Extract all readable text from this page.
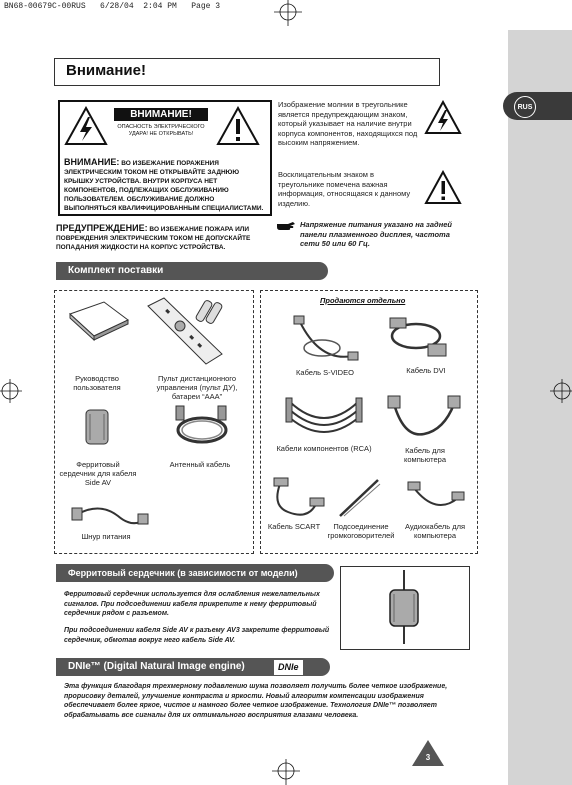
BN68-00679C-00RUS   6/28/04  2:04 PM   Page 3
RUS
Внимание!
ВНИМАНИЕ!
ОПАСНОСТЬ ЭЛЕКТРИЧЕСКОГО УДАРА! НЕ ОТКРЫВАТЬ!
ВНИМАНИЕ: ВО ИЗБЕЖАНИЕ ПОРАЖЕНИЯ ЭЛЕКТРИЧЕСКИМ ТОКОМ НЕ ОТКРЫВАЙТЕ ЗАДНЮЮ КРЫШКУ УСТРОЙСТВА. ВНУТРИ КОРПУСА НЕТ КОМПОНЕНТОВ, ПОДЛЕЖАЩИХ ОБСЛУЖИВАНИЮ ПОЛЬЗОВАТЕЛЕМ. ОБСЛУЖИВАНИЕ ДОЛЖНО ВЫПОЛНЯТЬСЯ КВАЛИФИЦИРОВАННЫМ СПЕЦИАЛИСТАМИ.
ПРЕДУПРЕЖДЕНИЕ: ВО ИЗБЕЖАНИЕ ПОЖАРА ИЛИ ПОВРЕЖДЕНИЯ ЭЛЕКТРИЧЕСКИМ ТОКОМ НЕ ДОПУСКАЙТЕ ПОПАДАНИЯ ЖИДКОСТИ НА КОРПУС УСТРОЙСТВА.
Изображение молнии в треугольнике является предупреждающим знаком, который указывает на наличие внутри корпуса компонентов, находящихся под высоким напряжением.
Восклицательным знаком в треугольнике помечена важная информация, относящаяся к данному изделию.
Напряжение питания указано на задней панели плазменного дисплея, частота сети 50 или 60 Гц.
Комплект поставки
Продаются отдельно
Руководство пользователя
Пульт дистанционного управления (пульт ДУ), батареи “AAA”
Ферритовый сердечник для кабеля Side AV
Антенный кабель
Шнур питания
Кабель S-VIDEO	Кабель DVI
Кабели компонентов (RCA)	Кабель для компьютера
Кабель SCART	Подсоединение громкоговорителей
Аудиокабель для компьютера
Ферритовый сердечник (в зависимости от модели)
Ферритовый сердечник используется для ослабления нежелательных сигналов. При подсоединении кабеля прикрепите к нему ферритовый сердечник рядом с разъемом.
При подсоединении кабеля Side AV к разъему AV3 закрепите ферритовый сердечник, обмотав вокруг него кабель Side AV.
DNIe™ (Digital Natural Image engine)	DNIe
Эта функция благодаря трехмерному подавлению шума позволяет получить более четкое изображение, прорисовку деталей, улучшение контраста и яркости. Новый алгоритм компенсации изображения обеспечивает более яркое, чистое и намного более четкое изображение. Технология DNIe™ позволяет обрабатывать все сигналы для их оптимального восприятия глазами человека.
3
